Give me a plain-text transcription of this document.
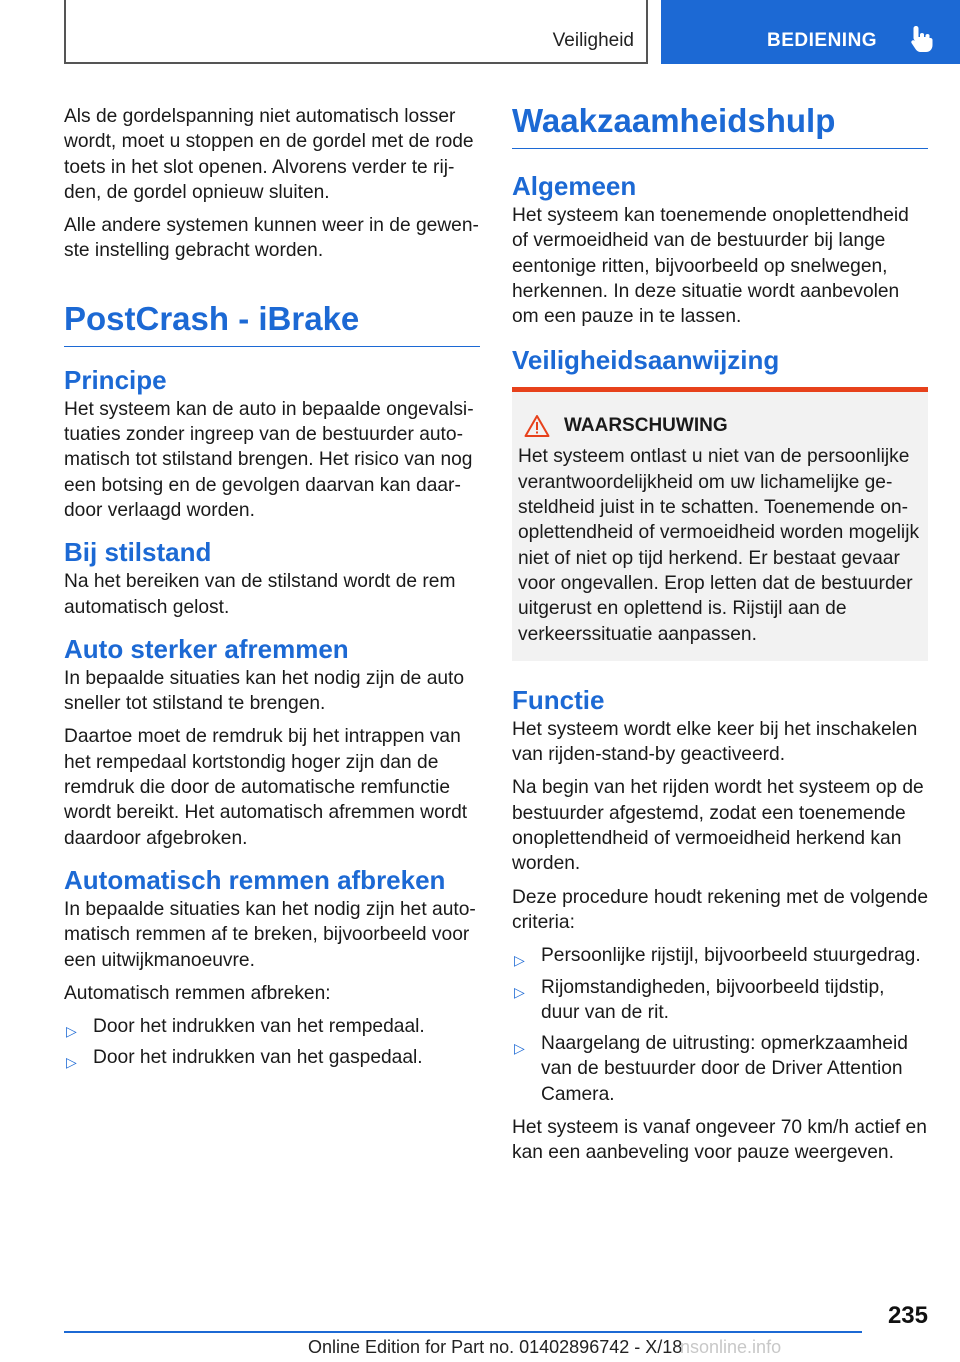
Veiligheid	BEDIENING

Als de gordelspanning niet automatisch losser wordt, moet u stoppen en de gordel met de rode toets in het slot openen. Alvorens verder te rijden, de gordel opnieuw sluiten.

Alle andere systemen kunnen weer in de gewenste instelling gebracht worden.

PostCrash - iBrake
Principe

Het systeem kan de auto in bepaalde ongevalsituaties zonder ingreep van de bestuurder automatisch tot stilstand brengen. Het risico van nog een botsing en de gevolgen daarvan kan daardoor verlaagd worden.

Bij stilstand

Na het bereiken van de stilstand wordt de rem automatisch gelost.

Auto sterker afremmen

In bepaalde situaties kan het nodig zijn de auto sneller tot stilstand te brengen.

Daartoe moet de remdruk bij het intrappen van het rempedaal kortstondig hoger zijn dan de remdruk die door de automatische remfunctie wordt bereikt. Het automatisch afremmen wordt daardoor afgebroken.

Automatisch remmen afbreken

In bepaalde situaties kan het nodig zijn het automatisch remmen af te breken, bijvoorbeeld voor een uitwijkmanoeuvre.

Automatisch remmen afbreken:

▷ Door het indrukken van het rempedaal.
▷ Door het indrukken van het gaspedaal.
Waakzaamheidshulp
Algemeen

Het systeem kan toenemende onoplettendheid of vermoeidheid van de bestuurder bij lange eentonige ritten, bijvoorbeeld op snelwegen, herkennen. In deze situatie wordt aanbevolen om een pauze in te lassen.

Veiligheidsaanwijzing
WAARSCHUWING

Het systeem ontlast u niet van de persoonlijke verantwoordelijkheid om uw lichamelijke gesteldheid juist in te schatten. Toenemende onoplettendheid of vermoeidheid worden mogelijk niet of niet op tijd herkend. Er bestaat gevaar voor ongevallen. Erop letten dat de bestuurder uitgerust en oplettend is. Rijstijl aan de verkeerssituatie aanpassen.

Functie

Het systeem wordt elke keer bij het inschakelen van rijden-stand-by geactiveerd.

Na begin van het rijden wordt het systeem op de bestuurder afgestemd, zodat een toenemende onoplettendheid of vermoeidheid herkend kan worden.

Deze procedure houdt rekening met de volgende criteria:

▷ Persoonlijke rijstijl, bijvoorbeeld stuurgedrag.
▷ Rijomstandigheden, bijvoorbeeld tijdstip, duur van de rit.
▷ Naargelang de uitrusting: opmerkzaamheid van de bestuurder door de Driver Attention Camera.

Het systeem is vanaf ongeveer 70 km/h actief en kan een aanbeveling voor pauze weergeven.

235
Online Edition for Part no. 01402896742 - X/18
nsonline.info
